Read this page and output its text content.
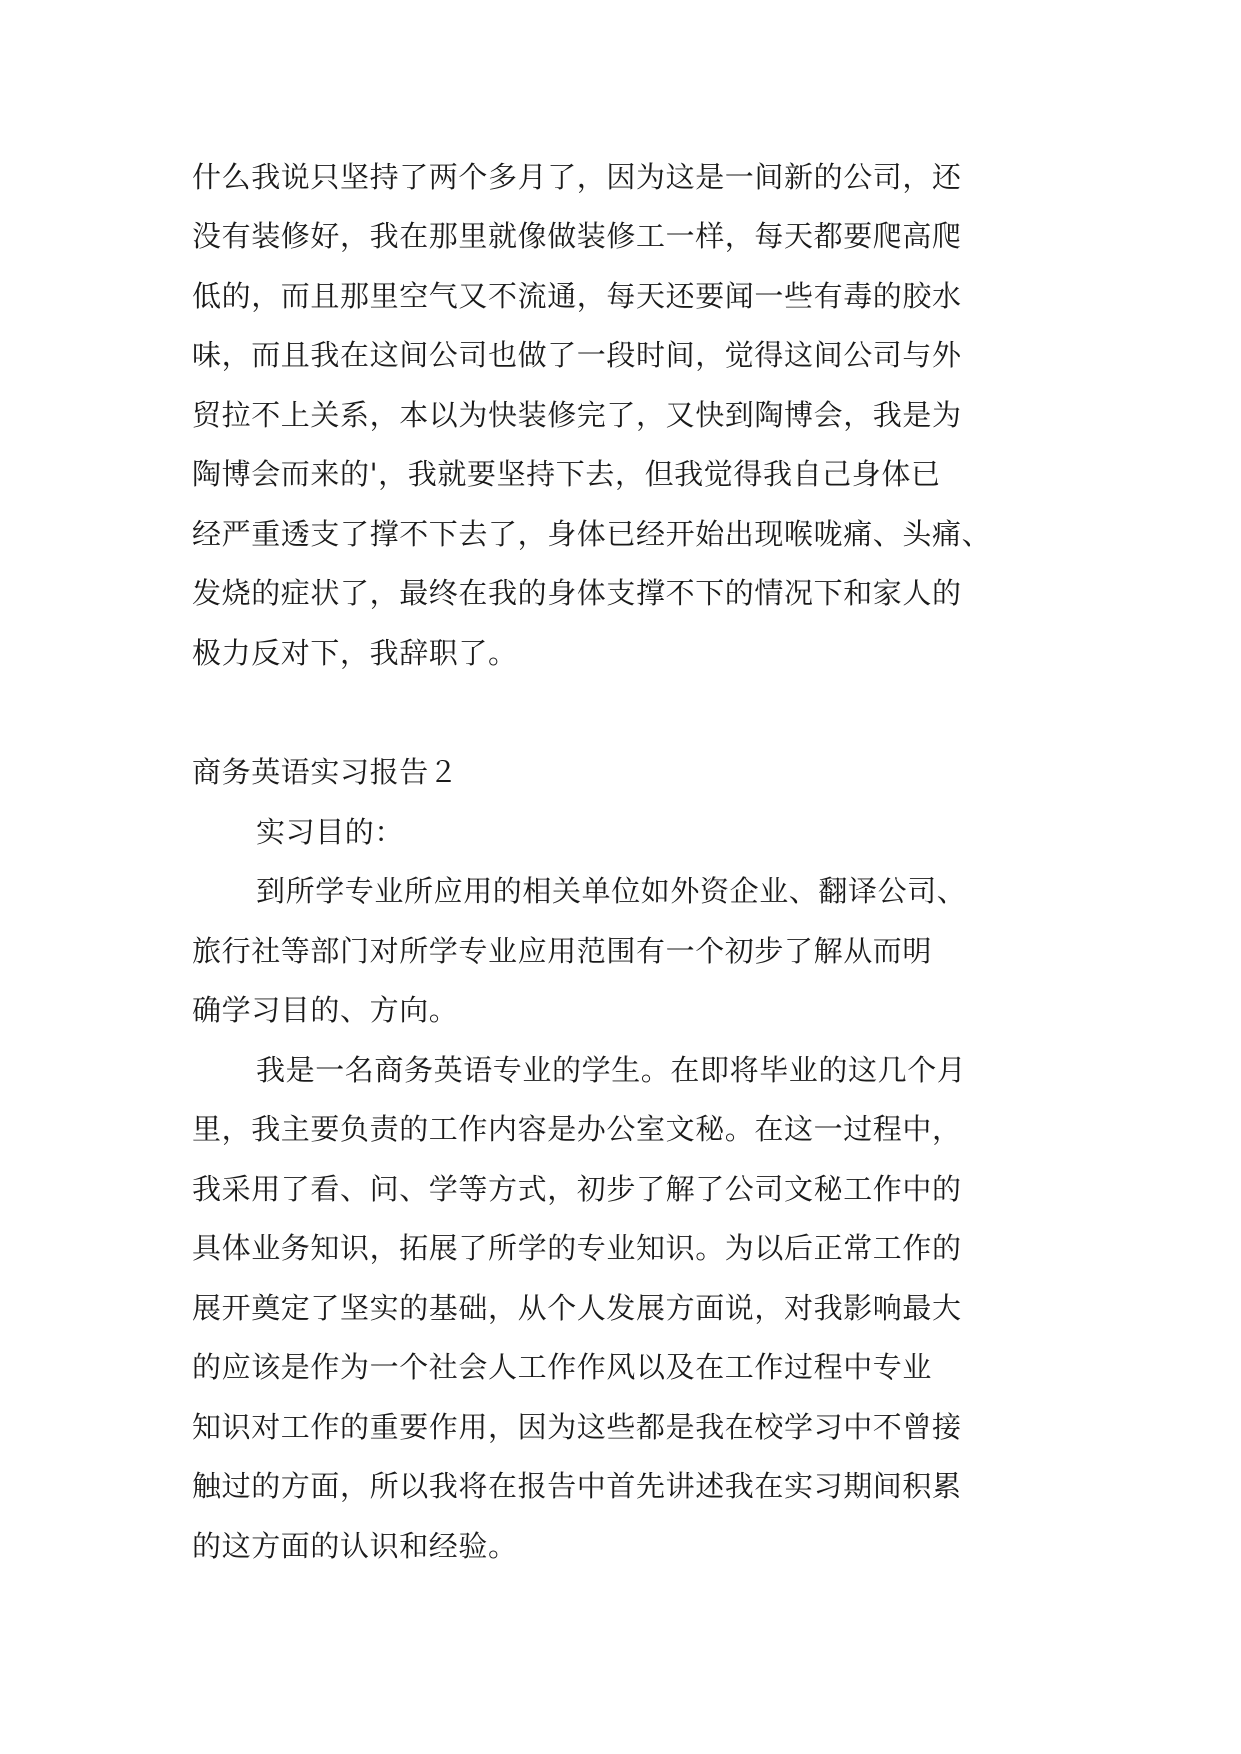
什么我说只坚持了两个多月了，因为这是一间新的公司，还
没有装修好，我在那里就像做装修工一样，每天都要爬高爬
低的，而且那里空气又不流通，每天还要闻一些有毒的胶水
味，而且我在这间公司也做了一段时间，觉得这间公司与外
贸拉不上关系，本以为快装修完了，又快到陶博会，我是为
陶博会而来的'，我就要坚持下去，但我觉得我自己身体已
经严重透支了撑不下去了，身体已经开始出现喉咙痛、头痛、
发烧的症状了，最终在我的身体支撑不下的情况下和家人的
极力反对下，我辞职了。
商务英语实习报告２
实习目的：
到所学专业所应用的相关单位如外资企业、翻译公司、
旅行社等部门对所学专业应用范围有一个初步了解从而明
确学习目的、方向。
我是一名商务英语专业的学生。在即将毕业的这几个月
里，我主要负责的工作内容是办公室文秘。在这一过程中，
我采用了看、问、学等方式，初步了解了公司文秘工作中的
具体业务知识，拓展了所学的专业知识。为以后正常工作的
展开奠定了坚实的基础，从个人发展方面说，对我影响最大
的应该是作为一个社会人工作作风以及在工作过程中专业
知识对工作的重要作用，因为这些都是我在校学习中不曾接
触过的方面，所以我将在报告中首先讲述我在实习期间积累
的这方面的认识和经验。
